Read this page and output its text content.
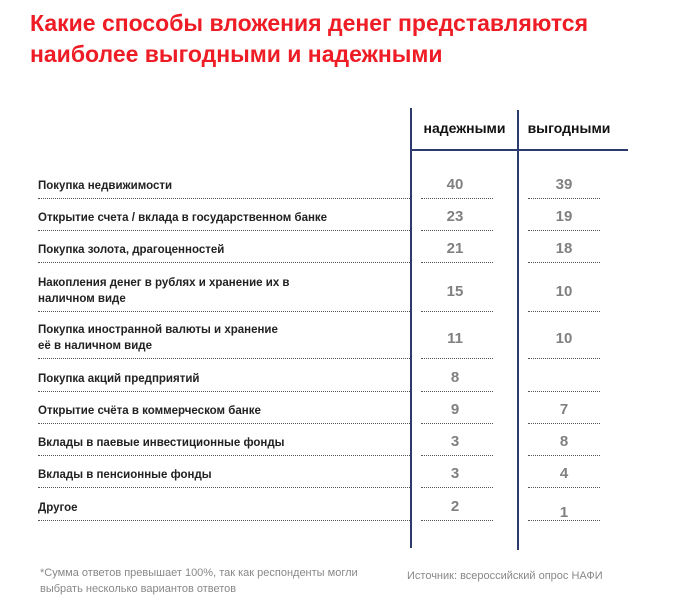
Какие способы вложения денег представляются наиболее выгодными и надежными
надежными	выгодными
Покупка недвижимости	40	39
Открытие счета / вклада в государственном банке	23	19
Покупка золота, драгоценностей	21	18
Накопления денег в рублях и хранение их в наличном виде	15	10
Покупка иностранной валюты и хранение её в наличном виде	11	10
Покупка акций предприятий	8
Открытие счёта в коммерческом банке	9	7
Вклады в паевые инвестиционные фонды	3	8
Вклады в пенсионные фонды	3	4
Другое	2	1
*Сумма ответов превышает 100%, так как респонденты могли выбрать несколько вариантов ответов
Источник: всероссийский опрос НАФИ
